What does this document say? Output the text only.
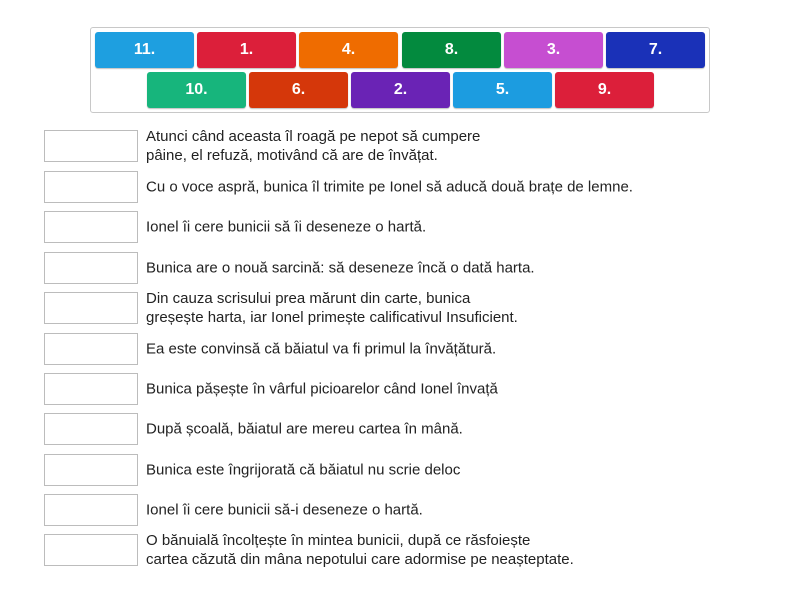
Atunci când aceasta îl roagă pe nepot să cumpere
pâine, el refuză, motivând că are de învățat.
Cu o voce aspră, bunica îl trimite pe Ionel să aducă două brațe de lemne.
Ionel îi cere bunicii să îi deseneze o hartă.
Bunica are o nouă sarcină: să deseneze încă o dată harta.
Din cauza scrisului prea mărunt din carte, bunica
greșește harta, iar Ionel primește calificativul Insuficient.
Ea este convinsă că băiatul va fi primul la învățătură.
Bunica pășește în vârful picioarelor când Ionel învață
După școală, băiatul are mereu cartea în mână.
Bunica este îngrijorată că băiatul nu scrie deloc
Ionel îi cere bunicii să-i deseneze o hartă.
O bănuială încolțește în mintea bunicii, după ce răsfoiește
cartea căzută din mâna nepotului care adormise pe neașteptate.
11.	1.	4.	8.	3.	7.
10.	6.	2.	5.	9.
